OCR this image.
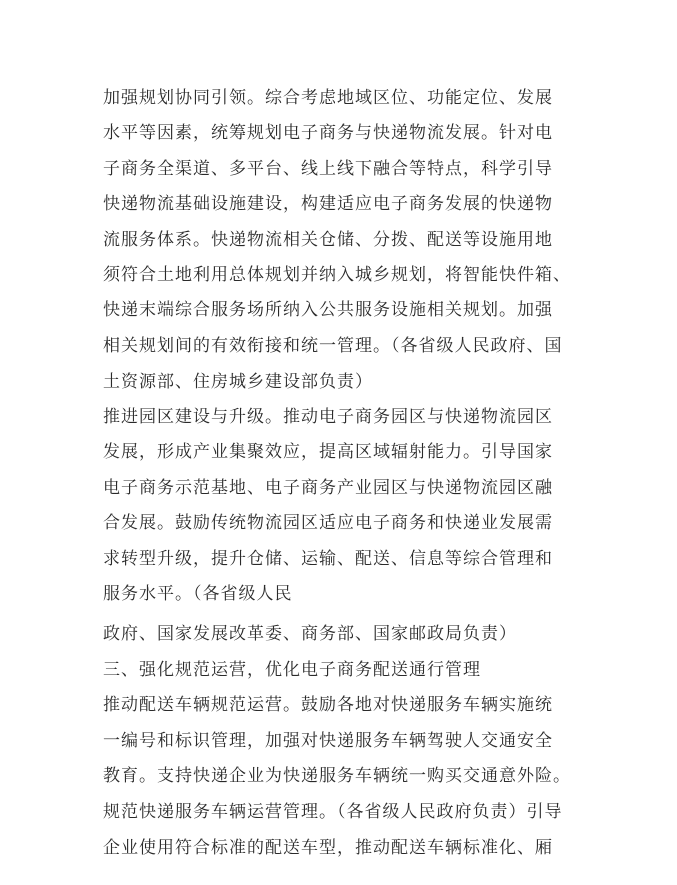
加强规划协同引领。综合考虑地域区位、功能定位、发展
水平等因素，统筹规划电子商务与快递物流发展。针对电
子商务全渠道、多平台、线上线下融合等特点，科学引导
快递物流基础设施建设，构建适应电子商务发展的快递物
流服务体系。快递物流相关仓储、分拨、配送等设施用地
须符合土地利用总体规划并纳入城乡规划，将智能快件箱、
快递末端综合服务场所纳入公共服务设施相关规划。加强
相关规划间的有效衔接和统一管理。（各省级人民政府、国
土资源部、住房城乡建设部负责）
推进园区建设与升级。推动电子商务园区与快递物流园区
发展，形成产业集聚效应，提高区域辐射能力。引导国家
电子商务示范基地、电子商务产业园区与快递物流园区融
合发展。鼓励传统物流园区适应电子商务和快递业发展需
求转型升级，提升仓储、运输、配送、信息等综合管理和
服务水平。（各省级人民
政府、国家发展改革委、商务部、国家邮政局负责）
三、强化规范运营，优化电子商务配送通行管理
推动配送车辆规范运营。鼓励各地对快递服务车辆实施统
一编号和标识管理，加强对快递服务车辆驾驶人交通安全
教育。支持快递企业为快递服务车辆统一购买交通意外险。
规范快递服务车辆运营管理。（各省级人民政府负责）引导
企业使用符合标准的配送车型，推动配送车辆标准化、厢
